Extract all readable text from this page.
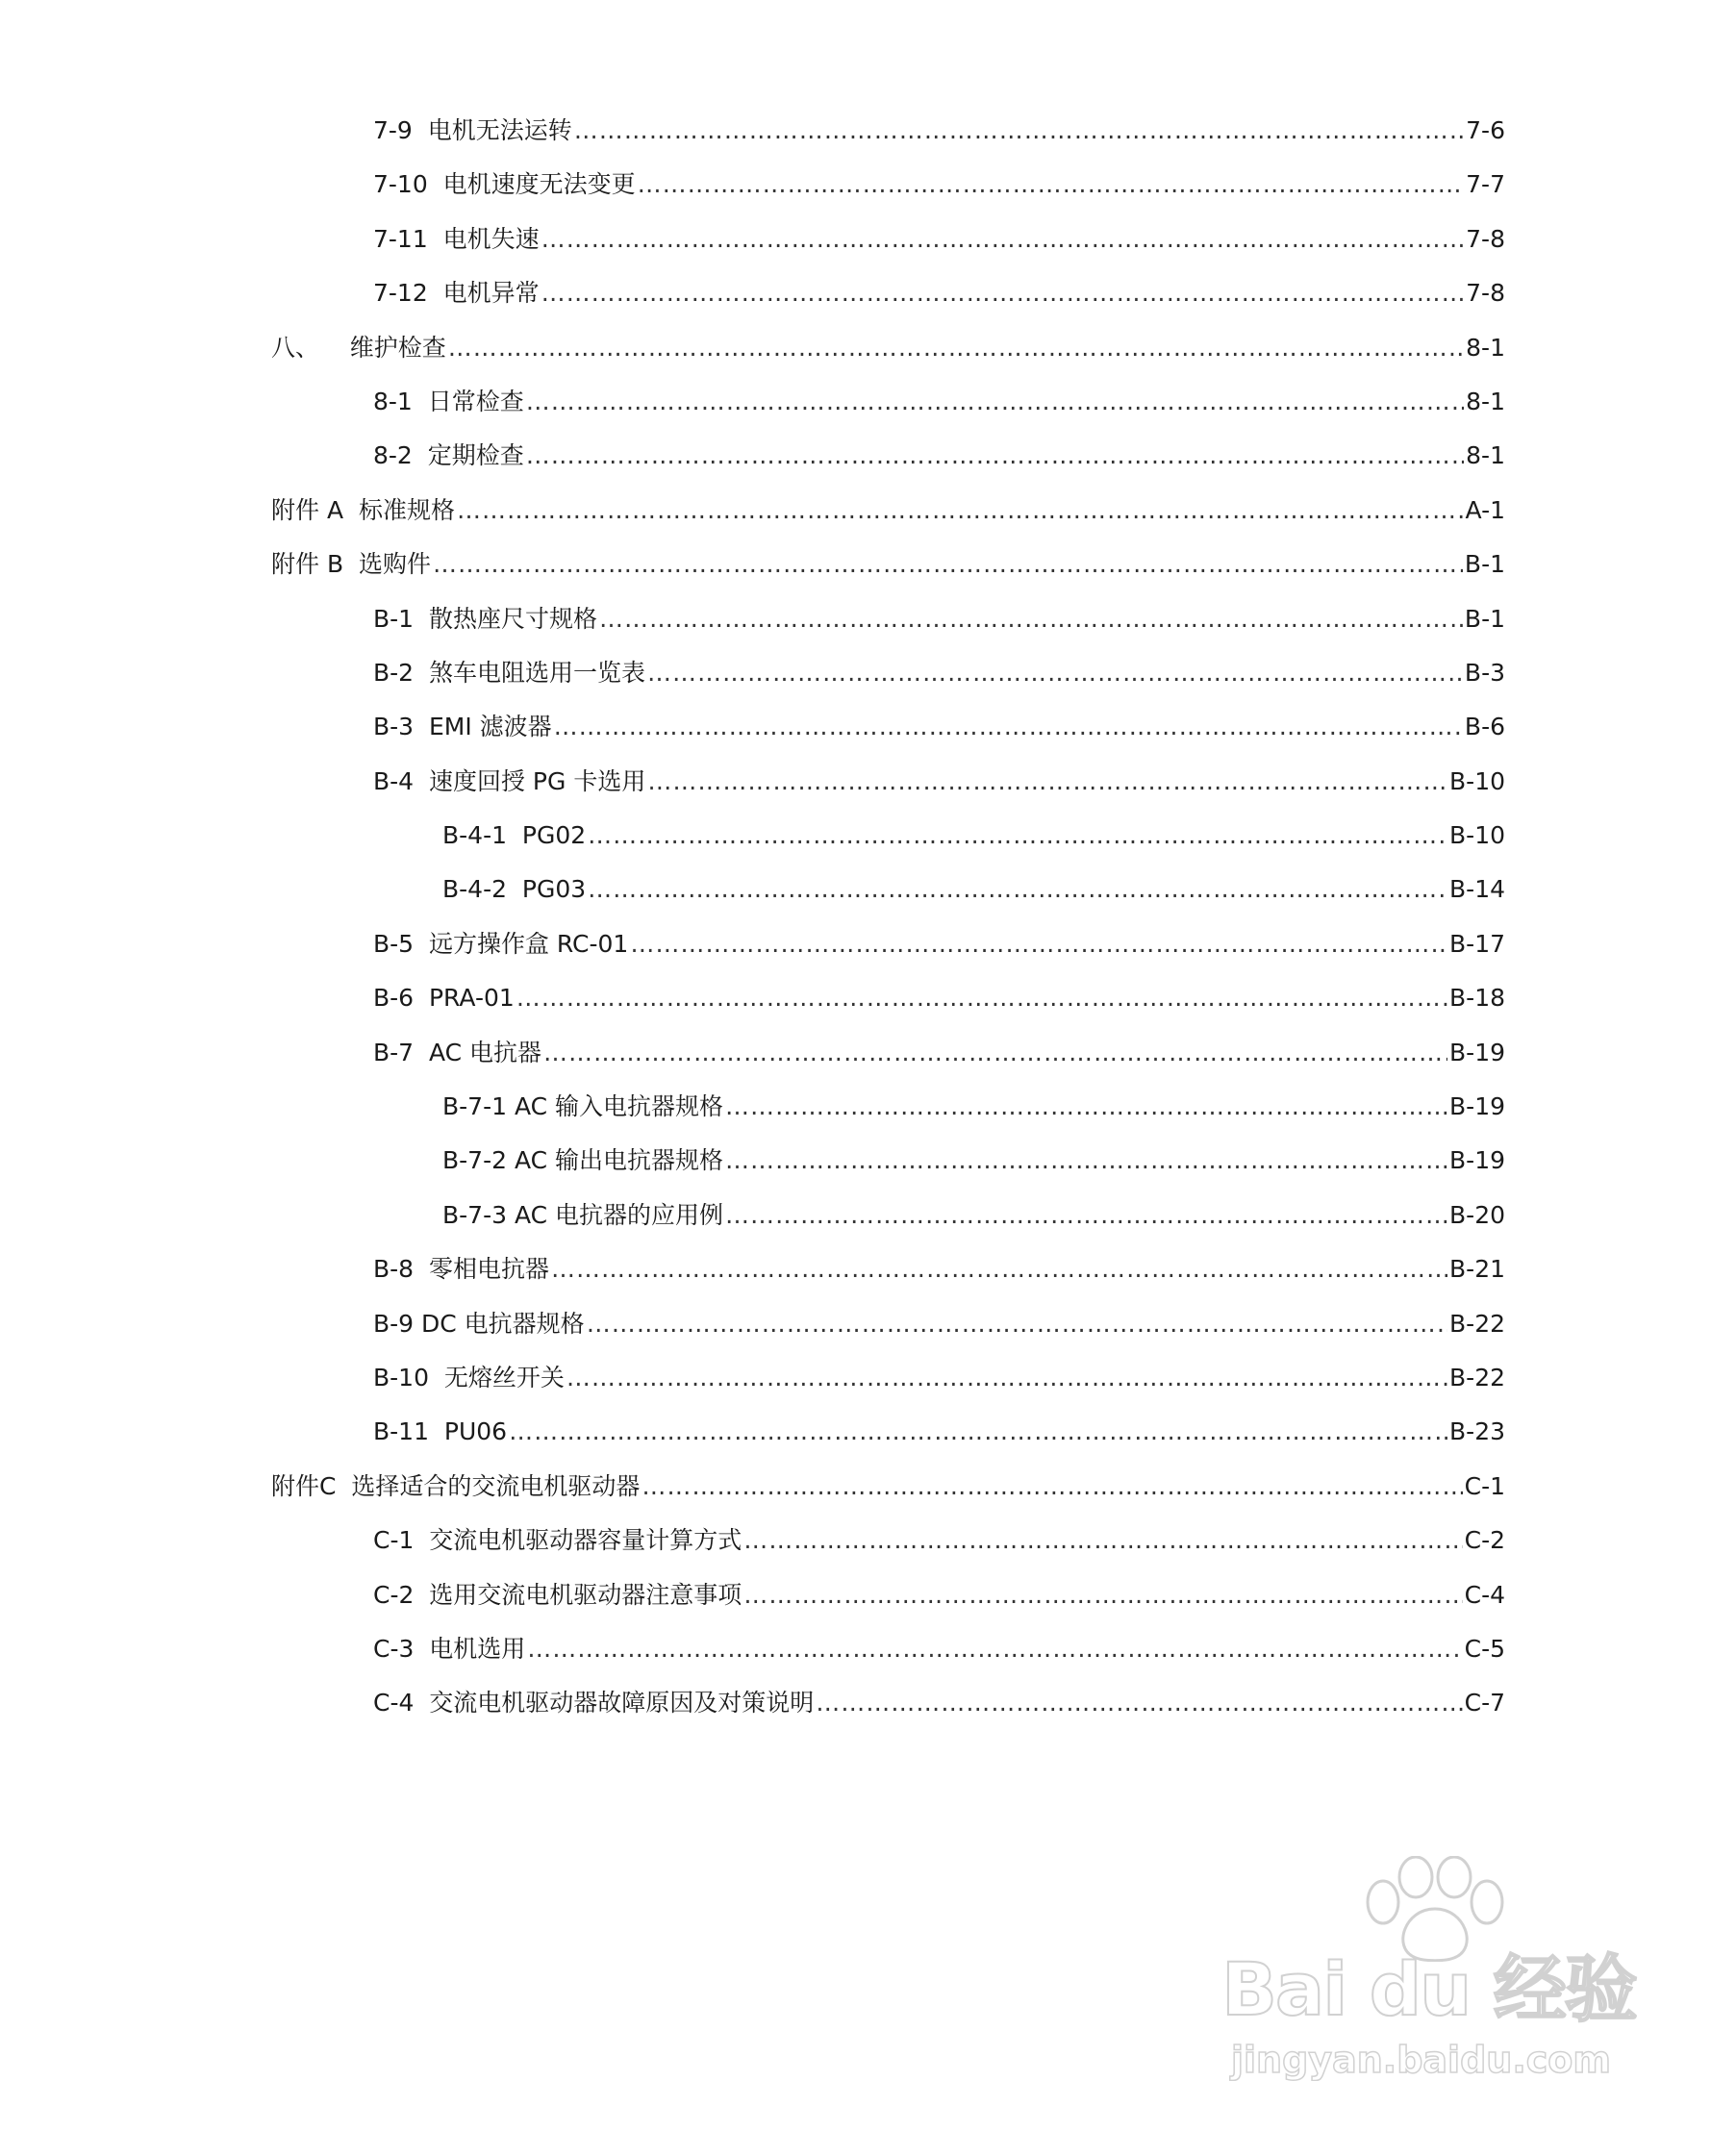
7-9  电机无法运转 ……………………………………………………………………………………………………………………………………………………………………………………………………………………………………………………	7-6
7-10  电机速度无法变更 ……………………………………………………………………………………………………………………………………………………………………………………………………………………………………………………	7-7
7-11  电机失速 ……………………………………………………………………………………………………………………………………………………………………………………………………………………………………………………	7-8
7-12  电机异常 ……………………………………………………………………………………………………………………………………………………………………………………………………………………………………………………	7-8
八、    维护检查 ……………………………………………………………………………………………………………………………………………………………………………………………………………………………………………………	8-1
8-1  日常检查 ……………………………………………………………………………………………………………………………………………………………………………………………………………………………………………………	8-1
8-2  定期检查 ……………………………………………………………………………………………………………………………………………………………………………………………………………………………………………………	8-1
附件 A  标准规格 ……………………………………………………………………………………………………………………………………………………………………………………………………………………………………………………	A-1
附件 B  选购件 ……………………………………………………………………………………………………………………………………………………………………………………………………………………………………………………	B-1
B-1  散热座尺寸规格 ……………………………………………………………………………………………………………………………………………………………………………………………………………………………………………………	B-1
B-2  煞车电阻选用一览表 ……………………………………………………………………………………………………………………………………………………………………………………………………………………………………………………	B-3
B-3  EMI 滤波器 ……………………………………………………………………………………………………………………………………………………………………………………………………………………………………………………	B-6
B-4  速度回授 PG 卡选用 ……………………………………………………………………………………………………………………………………………………………………………………………………………………………………………………	B-10
B-4-1  PG02 ……………………………………………………………………………………………………………………………………………………………………………………………………………………………………………………	B-10
B-4-2  PG03 ……………………………………………………………………………………………………………………………………………………………………………………………………………………………………………………	B-14
B-5  远方操作盒 RC-01 ……………………………………………………………………………………………………………………………………………………………………………………………………………………………………………………	B-17
B-6  PRA-01 ……………………………………………………………………………………………………………………………………………………………………………………………………………………………………………………	B-18
B-7  AC 电抗器 ……………………………………………………………………………………………………………………………………………………………………………………………………………………………………………………	B-19
B-7-1 AC 输入电抗器规格 ……………………………………………………………………………………………………………………………………………………………………………………………………………………………………………………	B-19
B-7-2 AC 输出电抗器规格 ……………………………………………………………………………………………………………………………………………………………………………………………………………………………………………………	B-19
B-7-3 AC 电抗器的应用例 ……………………………………………………………………………………………………………………………………………………………………………………………………………………………………………………	B-20
B-8  零相电抗器 ……………………………………………………………………………………………………………………………………………………………………………………………………………………………………………………	B-21
B-9 DC 电抗器规格 ……………………………………………………………………………………………………………………………………………………………………………………………………………………………………………………	B-22
B-10  无熔丝开关 ……………………………………………………………………………………………………………………………………………………………………………………………………………………………………………………	B-22
B-11  PU06 ……………………………………………………………………………………………………………………………………………………………………………………………………………………………………………………	B-23
附件C  选择适合的交流电机驱动器 ……………………………………………………………………………………………………………………………………………………………………………………………………………………………………………………	C-1
C-1  交流电机驱动器容量计算方式 ……………………………………………………………………………………………………………………………………………………………………………………………………………………………………………………	C-2
C-2  选用交流电机驱动器注意事项 ……………………………………………………………………………………………………………………………………………………………………………………………………………………………………………………	C-4
C-3  电机选用 ……………………………………………………………………………………………………………………………………………………………………………………………………………………………………………………	C-5
C-4  交流电机驱动器故障原因及对策说明 ……………………………………………………………………………………………………………………………………………………………………………………………………………………………………………………	C-7
Bai du 经验
jingyan.baidu.com
